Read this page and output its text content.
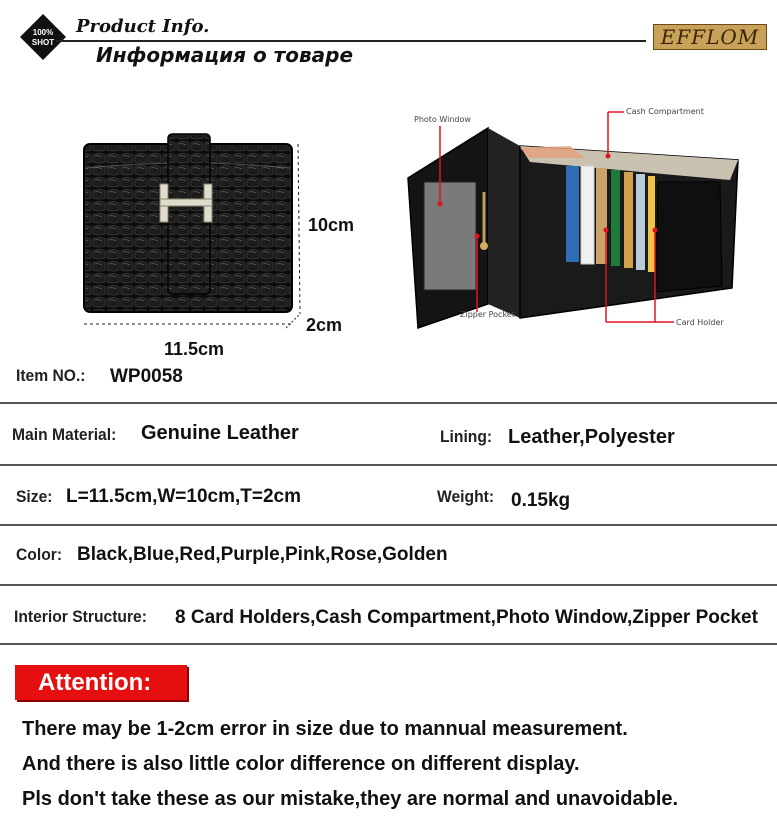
100%
SHOT
Product Info.
Информация о товаре
EFFLOM
10cm
2cm
11.5cm
Photo Window
Cash Compartment
Zipper Pocket
Card Holder
Item NO.: WP0058
Main Material: Genuine Leather	Lining: Leather,Polyester
Size: L=11.5cm,W=10cm,T=2cm	Weight: 0.15kg
Color: Black,Blue,Red,Purple,Pink,Rose,Golden
Interior Structure: 8 Card Holders,Cash Compartment,Photo Window,Zipper Pocket
Attention:
There may be 1-2cm error in size due to mannual measurement.
And there is also little color difference on different display.
Pls don't take these as our mistake,they are normal and unavoidable.
